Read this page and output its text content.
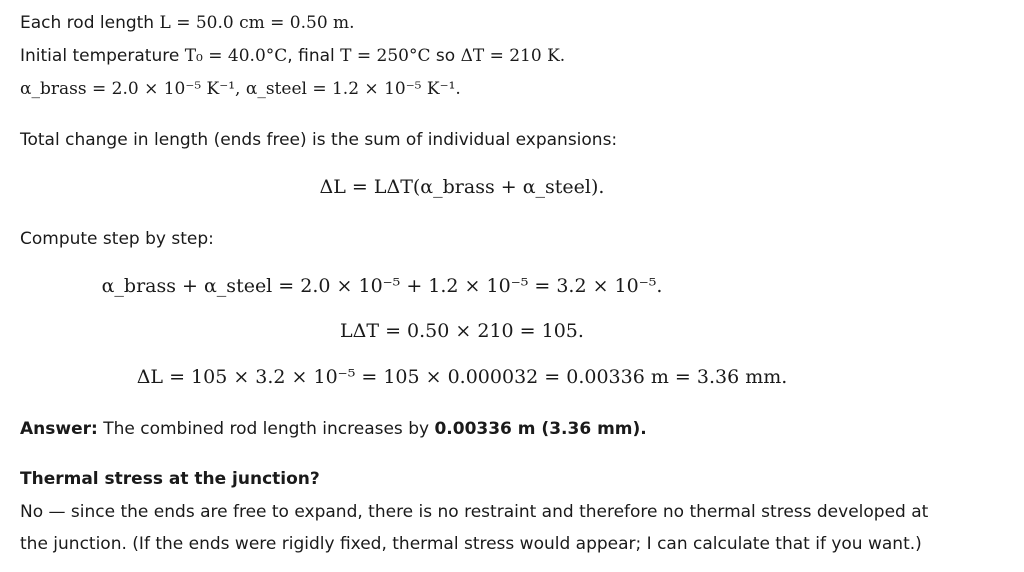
Each rod length L = 50.0 cm = 0.50 m.
Initial temperature T₀ = 40.0°C, final T = 250°C so ΔT = 210 K.
α_brass = 2.0 × 10⁻⁵ K⁻¹, α_steel = 1.2 × 10⁻⁵ K⁻¹.
Total change in length (ends free) is the sum of individual expansions:
ΔL = LΔT(α_brass + α_steel).
Compute step by step:
α_brass + α_steel = 2.0 × 10⁻⁵ + 1.2 × 10⁻⁵ = 3.2 × 10⁻⁵.
LΔT = 0.50 × 210 = 105.
ΔL = 105 × 3.2 × 10⁻⁵ = 105 × 0.000032 = 0.00336 m = 3.36 mm.
Answer: The combined rod length increases by 0.00336 m (3.36 mm).
Thermal stress at the junction?
No — since the ends are free to expand, there is no restraint and therefore no thermal stress developed at
the junction. (If the ends were rigidly fixed, thermal stress would appear; I can calculate that if you want.)
